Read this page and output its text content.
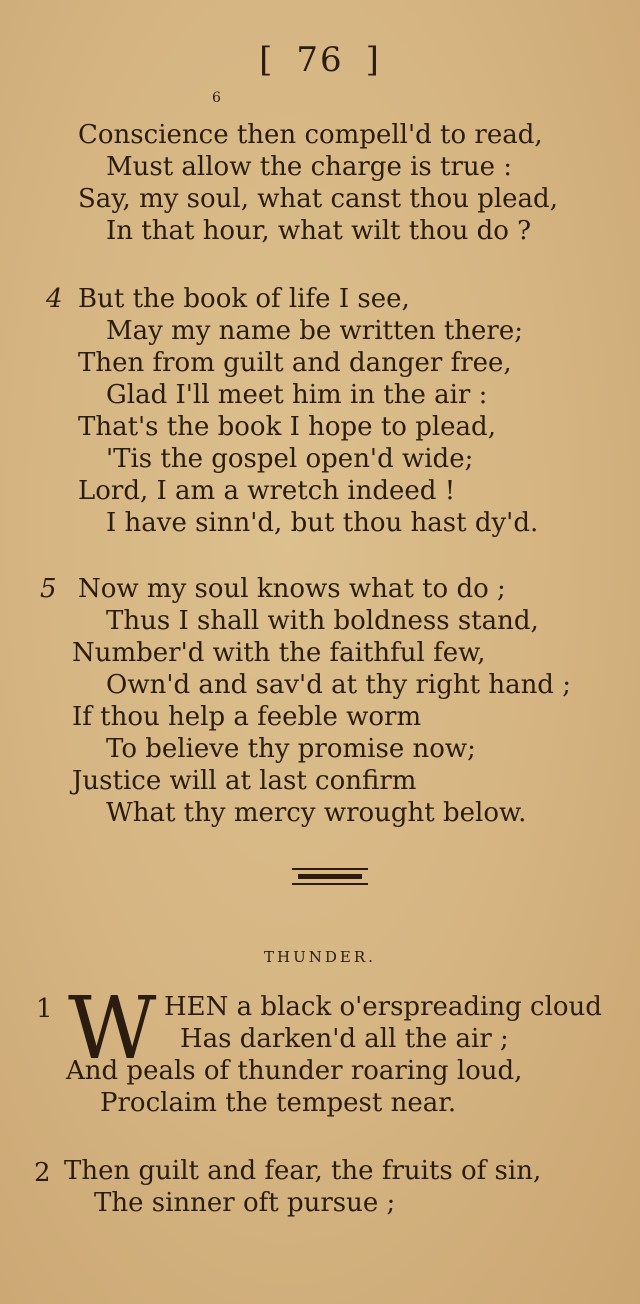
[ 76 ]
6
Conscience then compell'd to read,
Must allow the charge is true :
Say, my soul, what canst thou plead,
In that hour, what wilt thou do ?
4 But the book of life I see,
May my name be written there;
Then from guilt and danger free,
Glad I'll meet him in the air :
That's the book I hope to plead,
'Tis the gospel open'd wide;
Lord, I am a wretch indeed !
I have sinn'd, but thou hast dy'd.
5 Now my soul knows what to do ;
Thus I shall with boldness stand,
Number'd with the faithful few,
Own'd and sav'd at thy right hand ;
If thou help a feeble worm
To believe thy promise now;
Justice will at last confirm
What thy mercy wrought below.
THUNDER.
1 W HEN a black o'erspreading cloud
Has darken'd all the air ;
And peals of thunder roaring loud,
Proclaim the tempest near.
2 Then guilt and fear, the fruits of sin,
The sinner oft pursue ;
